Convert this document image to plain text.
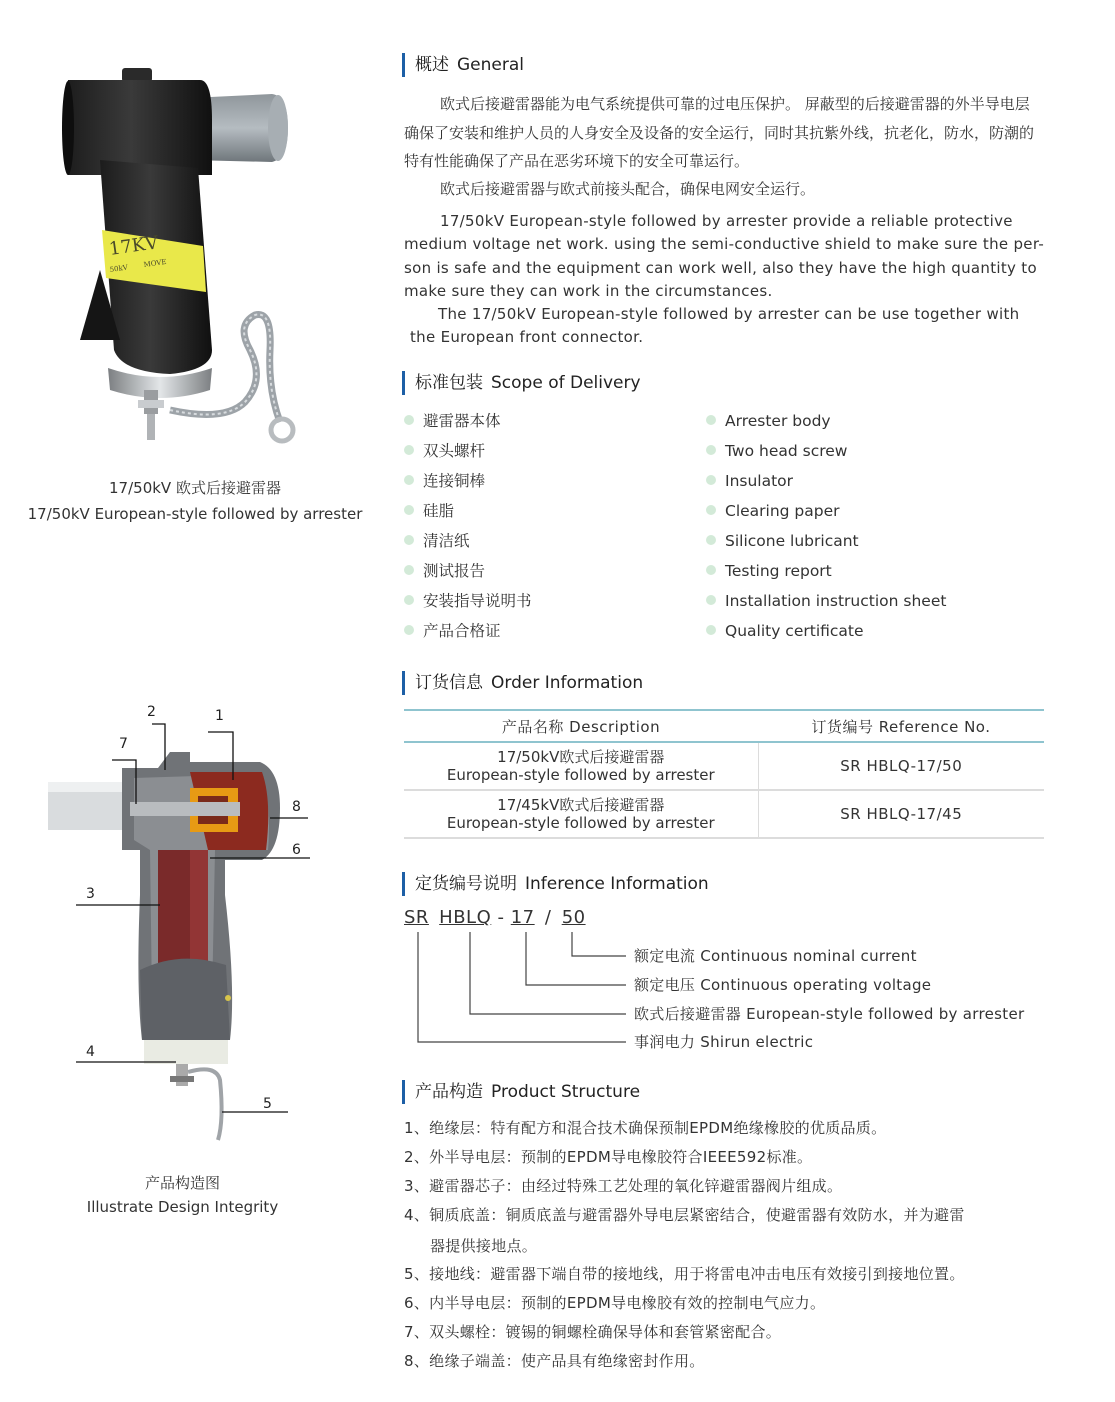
17KV
50kV MOVE
17/50kV 欧式后接避雷器
17/50kV European-style followed by arrester
2	1
7
8
6
3
4
5
产品构造图
Illustrate Design Integrity
概述 General
欧式后接避雷器能为电气系统提供可靠的过电压保护。 屏蔽型的后接避雷器的外半导电层确保了安装和维护人员的人身安全及设备的安全运行，同时其抗紫外线，抗老化，防水，防潮的特有性能确保了产品在恶劣环境下的安全可靠运行。
欧式后接避雷器与欧式前接头配合，确保电网安全运行。
17/50kV European-style followed by arrester provide a reliable protective medium voltage net work. using the semi-conductive shield to make sure the per-son is safe and the equipment can work well, also they have the high quantity to make sure they can work in the circumstances.
The 17/50kV European-style followed by arrester can be use together with the European front connector.
标准包装 Scope of Delivery
避雷器本体
双头螺杆
连接铜棒
硅脂
清洁纸
测试报告
安装指导说明书
产品合格证
Arrester body
Two head screw
Insulator
Clearing paper
Silicone lubricant
Testing report
Installation instruction sheet
Quality certificate
订货信息 Order Information
产品名称 Description	订货编号 Reference No.

17/50kV欧式后接避雷器
European-style followed by arrester	SR HBLQ-17/50

17/45kV欧式后接避雷器
European-style followed by arrester	SR HBLQ-17/45
定货编号说明 Inference Information
SR HBLQ - 17 / 50
额定电流 Continuous nominal current
额定电压 Continuous operating voltage
欧式后接避雷器 European-style followed by arrester
事润电力 Shirun electric
产品构造 Product Structure
1、绝缘层：特有配方和混合技术确保预制EPDM绝缘橡胶的优质品质。
2、外半导电层：预制的EPDM导电橡胶符合IEEE592标准。
3、避雷器芯子：由经过特殊工艺处理的氧化锌避雷器阀片组成。
4、铜质底盖：铜质底盖与避雷器外导电层紧密结合，使避雷器有效防水，并为避雷
器提供接地点。
5、接地线：避雷器下端自带的接地线，用于将雷电冲击电压有效接引到接地位置。
6、内半导电层：预制的EPDM导电橡胶有效的控制电气应力。
7、双头螺栓：镀锡的铜螺栓确保导体和套管紧密配合。
8、绝缘子端盖：使产品具有绝缘密封作用。
